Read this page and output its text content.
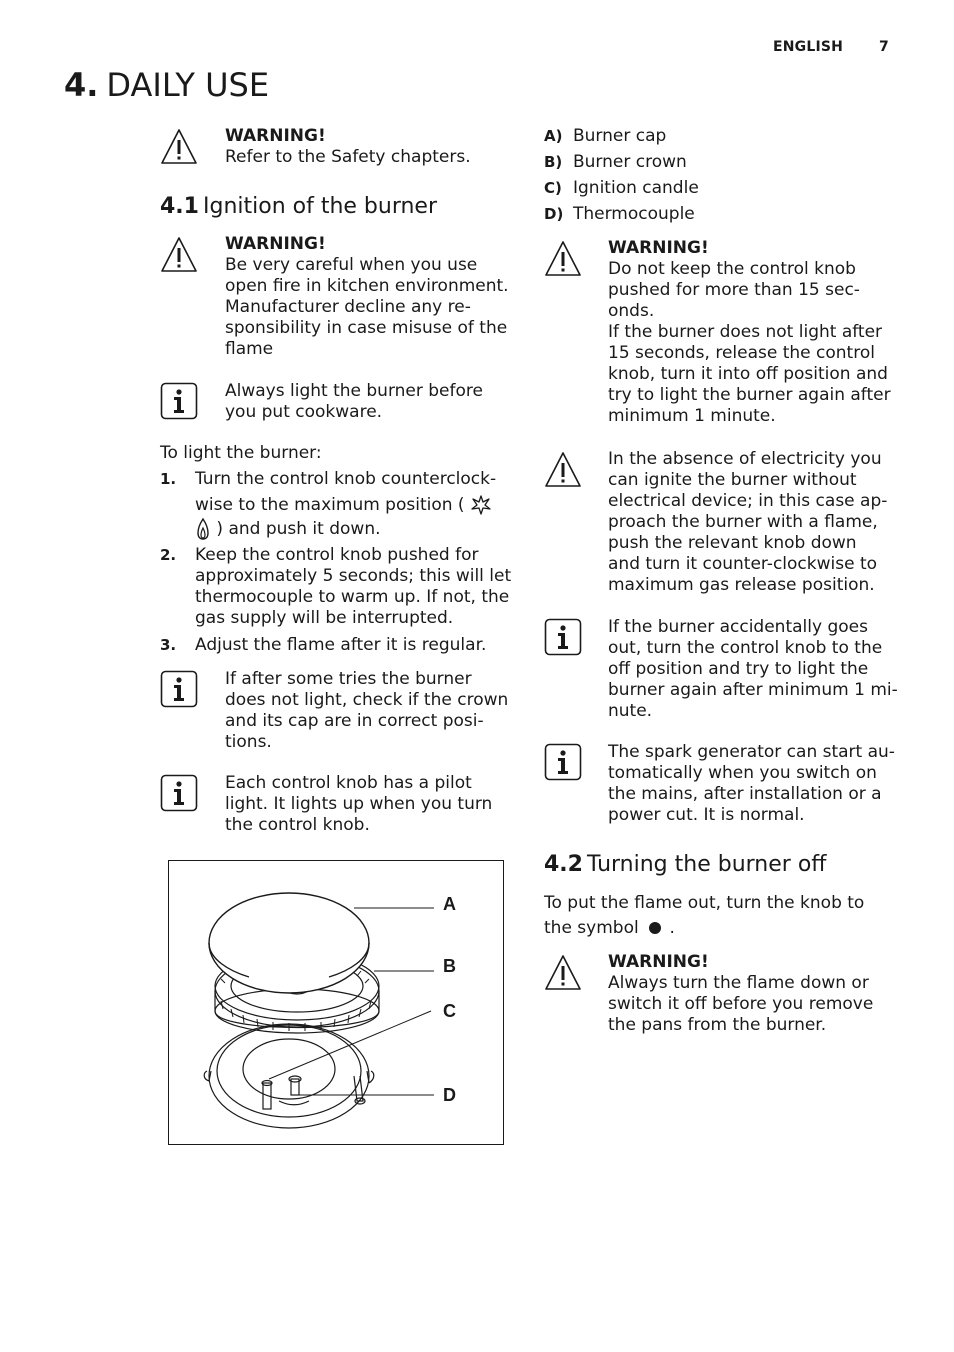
ENGLISH	7
4. DAILY USE
WARNING!
Refer to the Safety chapters.
4.1 Ignition of the burner
WARNING!
Be very careful when you use
open fire in kitchen environment.
Manufacturer decline any re-
sponsibility in case misuse of the
flame
Always light the burner before
you put cookware.
To light the burner:
1. Turn the control knob counterclock-
wise to the maximum position (
) and push it down.
2. Keep the control knob pushed for
approximately 5 seconds; this will let
thermocouple to warm up. If not, the
gas supply will be interrupted.
3. Adjust the flame after it is regular.
If after some tries the burner
does not light, check if the crown
and its cap are in correct posi-
tions.
Each control knob has a pilot
light. It lights up when you turn
the control knob.
A
B
C
D
A) Burner cap
B) Burner crown
C) Ignition candle
D) Thermocouple
WARNING!
Do not keep the control knob
pushed for more than 15 sec-
onds.
If the burner does not light after
15 seconds, release the control
knob, turn it into off position and
try to light the burner again after
minimum 1 minute.
In the absence of electricity you
can ignite the burner without
electrical device; in this case ap-
proach the burner with a flame,
push the relevant knob down
and turn it counter-clockwise to
maximum gas release position.
If the burner accidentally goes
out, turn the control knob to the
off position and try to light the
burner again after minimum 1 mi-
nute.
The spark generator can start au-
tomatically when you switch on
the mains, after installation or a
power cut. It is normal.
4.2 Turning the burner off
To put the flame out, turn the knob to
the symbol .
WARNING!
Always turn the flame down or
switch it off before you remove
the pans from the burner.
